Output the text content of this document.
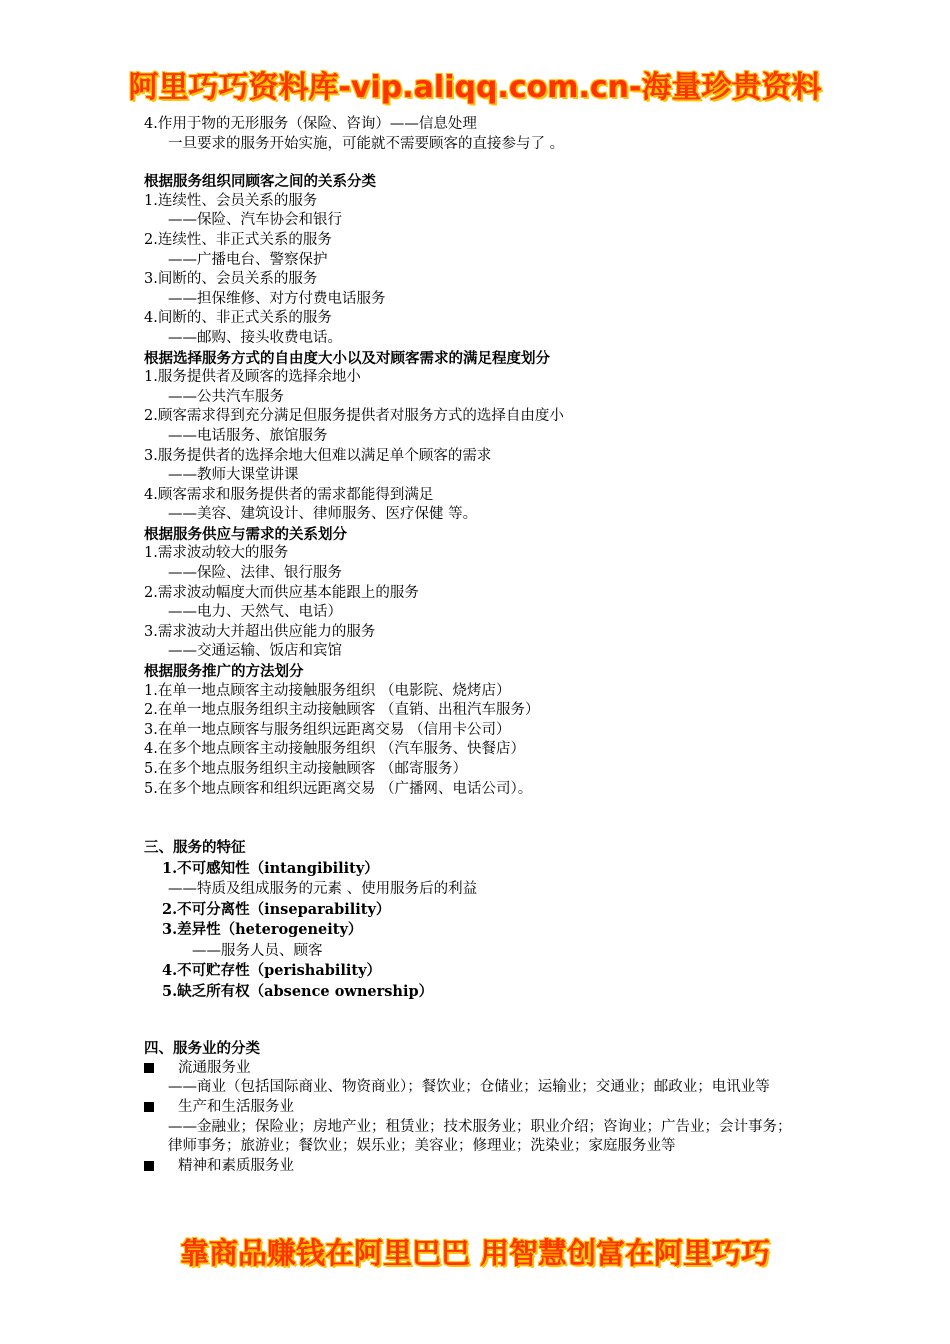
阿里巧巧资料库-vip.aliqq.com.cn-海量珍贵资料
4.作用于物的无形服务（保险、咨询）——信息处理
一旦要求的服务开始实施，可能就不需要顾客的直接参与了 。
根据服务组织同顾客之间的关系分类
1.连续性、会员关系的服务
——保险、汽车协会和银行
2.连续性、非正式关系的服务
——广播电台、警察保护
3.间断的、会员关系的服务
——担保维修、对方付费电话服务
4.间断的、非正式关系的服务
——邮购、接头收费电话。
根据选择服务方式的自由度大小以及对顾客需求的满足程度划分
1.服务提供者及顾客的选择余地小
——公共汽车服务
2.顾客需求得到充分满足但服务提供者对服务方式的选择自由度小
——电话服务、旅馆服务
3.服务提供者的选择余地大但难以满足单个顾客的需求
——教师大课堂讲课
4.顾客需求和服务提供者的需求都能得到满足
——美容、建筑设计、律师服务、医疗保健 等。
根据服务供应与需求的关系划分
1.需求波动较大的服务
——保险、法律、银行服务
2.需求波动幅度大而供应基本能跟上的服务
——电力、天然气、电话）
3.需求波动大并超出供应能力的服务
——交通运输、饭店和宾馆
根据服务推广的方法划分
1.在单一地点顾客主动接触服务组织 （电影院、烧烤店）
2.在单一地点服务组织主动接触顾客 （直销、出租汽车服务）
3.在单一地点顾客与服务组织远距离交易 （信用卡公司）
4.在多个地点顾客主动接触服务组织 （汽车服务、快餐店）
5.在多个地点服务组织主动接触顾客 （邮寄服务）
5.在多个地点顾客和组织远距离交易 （广播网、电话公司）。
三、服务的特征
1.不可感知性（intangibility）
——特质及组成服务的元素 、使用服务后的利益
2.不可分离性（inseparability）
3.差异性（heterogeneity）
——服务人员、顾客
4.不可贮存性（perishability）
5.缺乏所有权（absence ownership）
四、服务业的分类
流通服务业
——商业（包括国际商业、物资商业）；餐饮业；仓储业；运输业；交通业；邮政业；电讯业等
生产和生活服务业
——金融业；保险业；房地产业；租赁业；技术服务业；职业介绍；咨询业；广告业；会计事务；律师事务；旅游业；餐饮业；娱乐业；美容业；修理业；洗染业；家庭服务业等
精神和素质服务业
靠商品赚钱在阿里巴巴 用智慧创富在阿里巧巧
